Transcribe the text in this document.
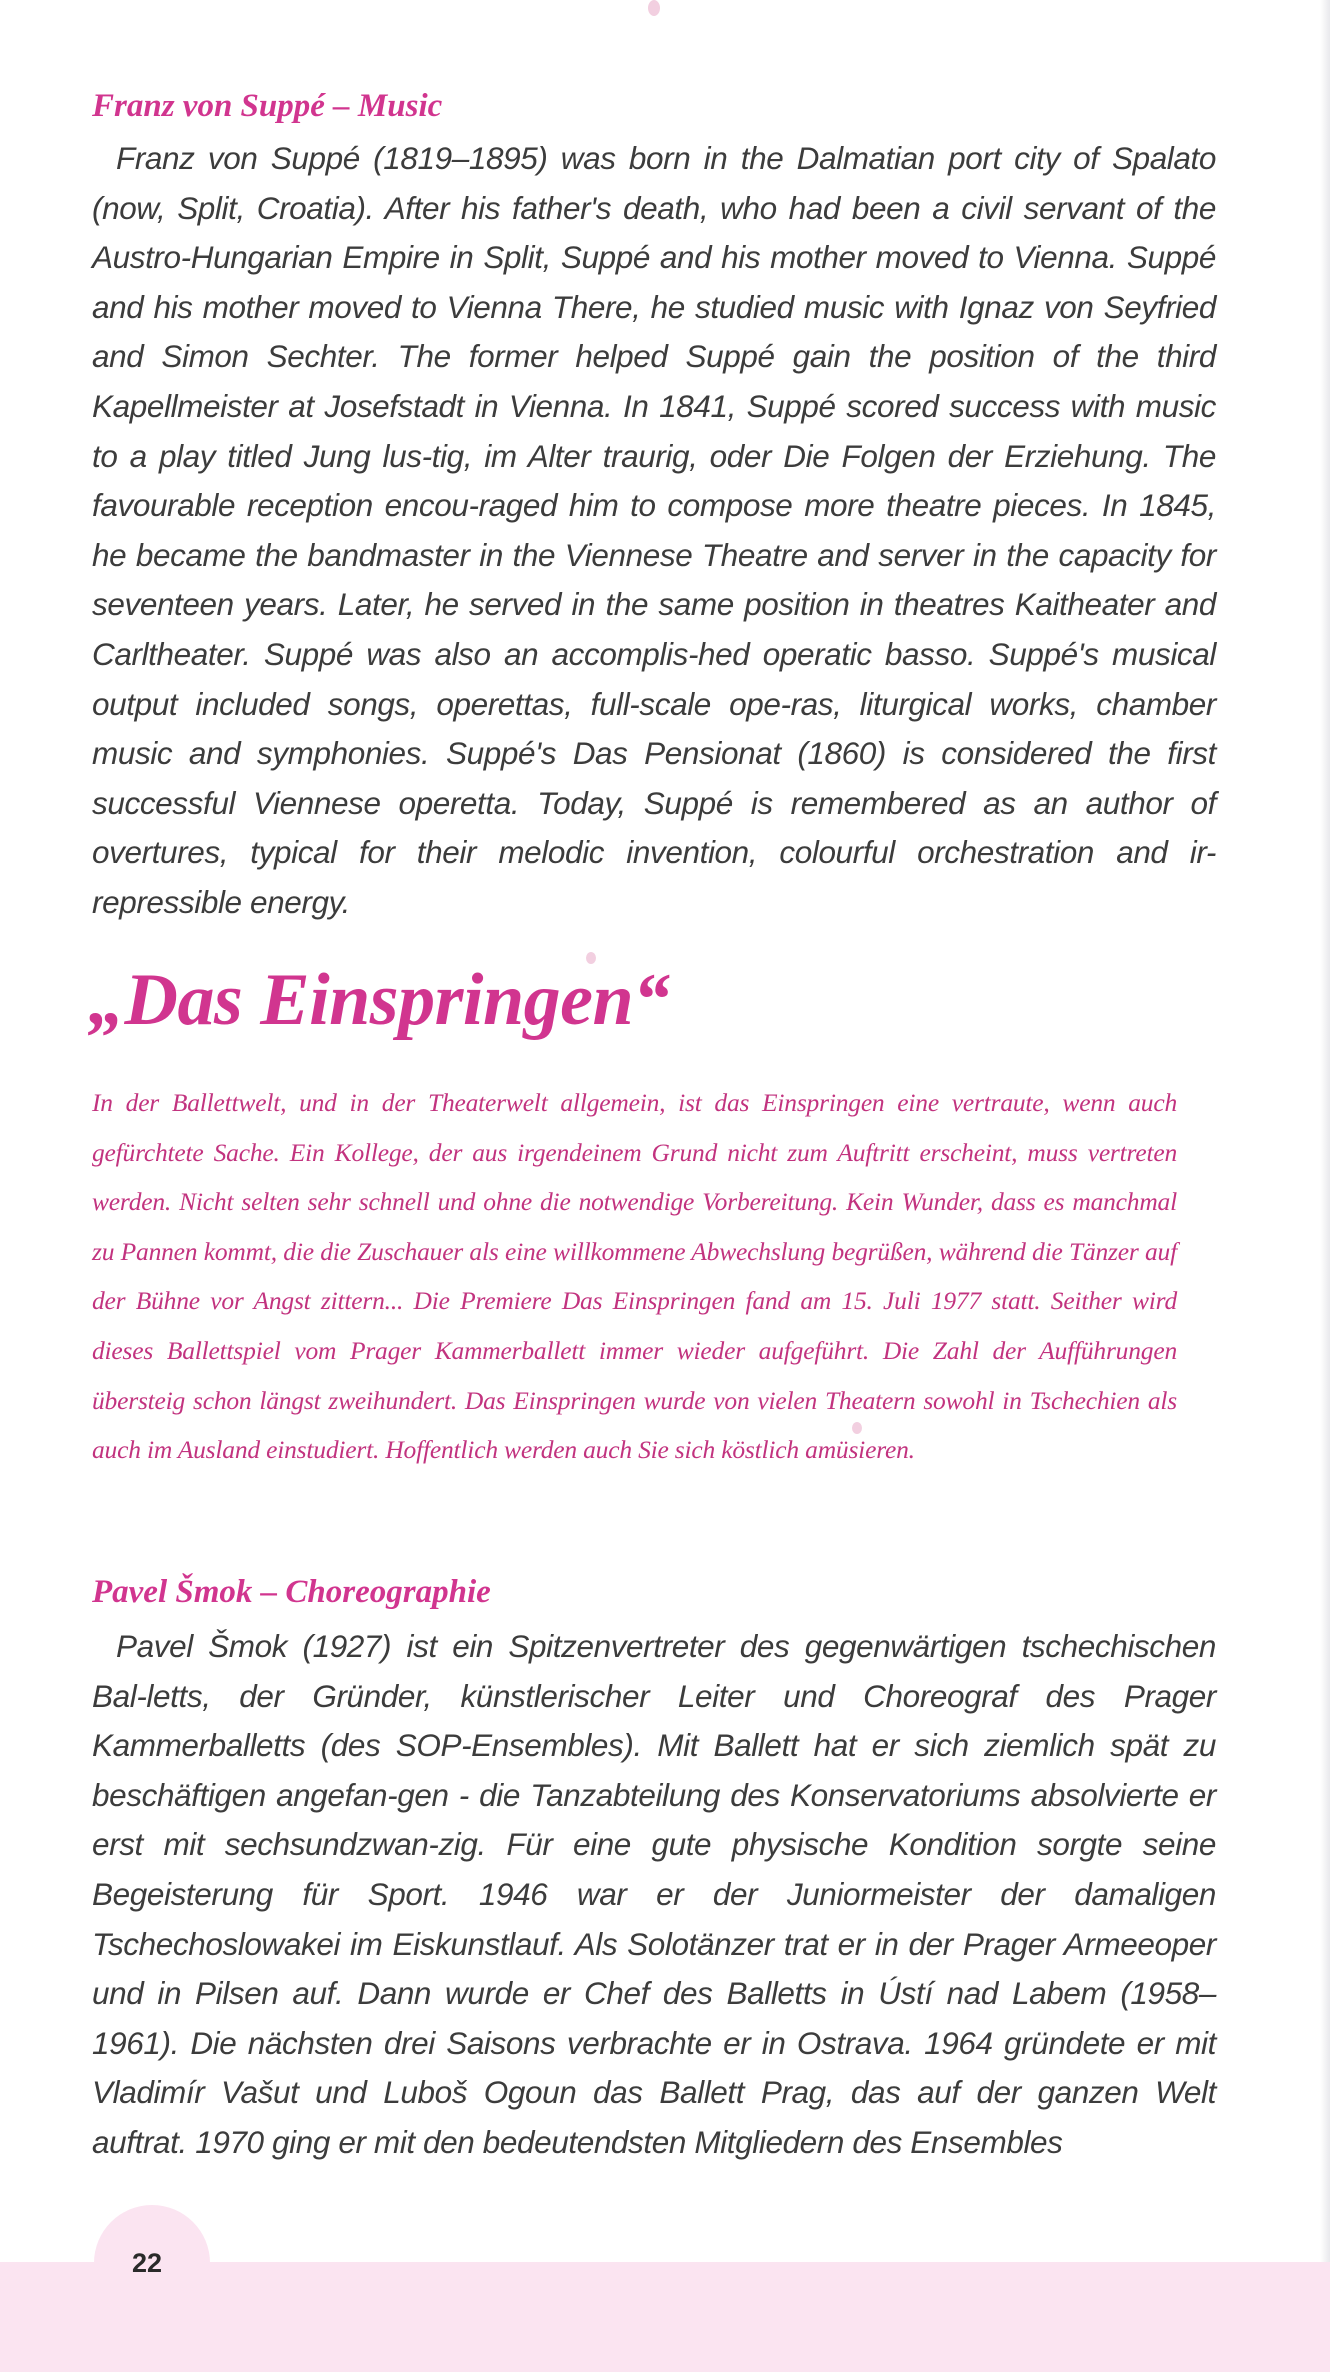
Franz von Suppé – Music

Franz von Suppé (1819–1895) was born in the Dalmatian port city of Spalato (now, Split, Croatia). After his father's death, who had been a civil servant of the Austro-Hungarian Empire in Split, Suppé and his mother moved to Vienna. Suppé and his mother moved to Vienna There, he studied music with Ignaz von Seyfried and Simon Sechter. The former helped Suppé gain the position of the third Kapellmeister at Josefstadt in Vienna. In 1841, Suppé scored success with music to a play titled Jung lus-tig, im Alter traurig, oder Die Folgen der Erziehung. The favourable reception encou-raged him to compose more theatre pieces. In 1845, he became the bandmaster in the Viennese Theatre and server in the capacity for seventeen years. Later, he served in the same position in theatres Kaitheater and Carltheater. Suppé was also an accomplis-hed operatic basso. Suppé's musical output included songs, operettas, full-scale ope-ras, liturgical works, chamber music and symphonies. Suppé's Das Pensionat (1860) is considered the first successful Viennese operetta. Today, Suppé is remembered as an author of overtures, typical for their melodic invention, colourful orchestration and ir-repressible energy.

„Das Einspringen“

In der Ballettwelt, und in der Theaterwelt allgemein, ist das Einspringen eine vertraute, wenn auch gefürchtete Sache. Ein Kollege, der aus irgendeinem Grund nicht zum Auftritt erscheint, muss vertreten werden. Nicht selten sehr schnell und ohne die notwendige Vorbereitung. Kein Wunder, dass es manchmal zu Pannen kommt, die die Zuschauer als eine willkommene Abwechslung begrüßen, während die Tänzer auf der Bühne vor Angst zittern... Die Premiere Das Einspringen fand am 15. Juli 1977 statt. Seither wird dieses Ballettspiel vom Prager Kammerballett immer wieder aufgeführt. Die Zahl der Aufführungen übersteig schon längst zweihundert. Das Einspringen wurde von vielen Theatern sowohl in Tschechien als auch im Ausland einstudiert. Hoffentlich werden auch Sie sich köstlich amüsieren.

Pavel Šmok – Choreographie

Pavel Šmok (1927) ist ein Spitzenvertreter des gegenwärtigen tschechischen Bal-letts, der Gründer, künstlerischer Leiter und Choreograf des Prager Kammerballetts (des SOP-Ensembles). Mit Ballett hat er sich ziemlich spät zu beschäftigen angefan-gen - die Tanzabteilung des Konservatoriums absolvierte er erst mit sechsundzwan-zig. Für eine gute physische Kondition sorgte seine Begeisterung für Sport. 1946 war er der Juniormeister der damaligen Tschechoslowakei im Eiskunstlauf. Als Solotänzer trat er in der Prager Armeeoper und in Pilsen auf. Dann wurde er Chef des Balletts in Ústí nad Labem (1958–1961). Die nächsten drei Saisons verbrachte er in Ostrava. 1964 gründete er mit Vladimír Vašut und Luboš Ogoun das Ballett Prag, das auf der ganzen Welt auftrat. 1970 ging er mit den bedeutendsten Mitgliedern des Ensembles

22
